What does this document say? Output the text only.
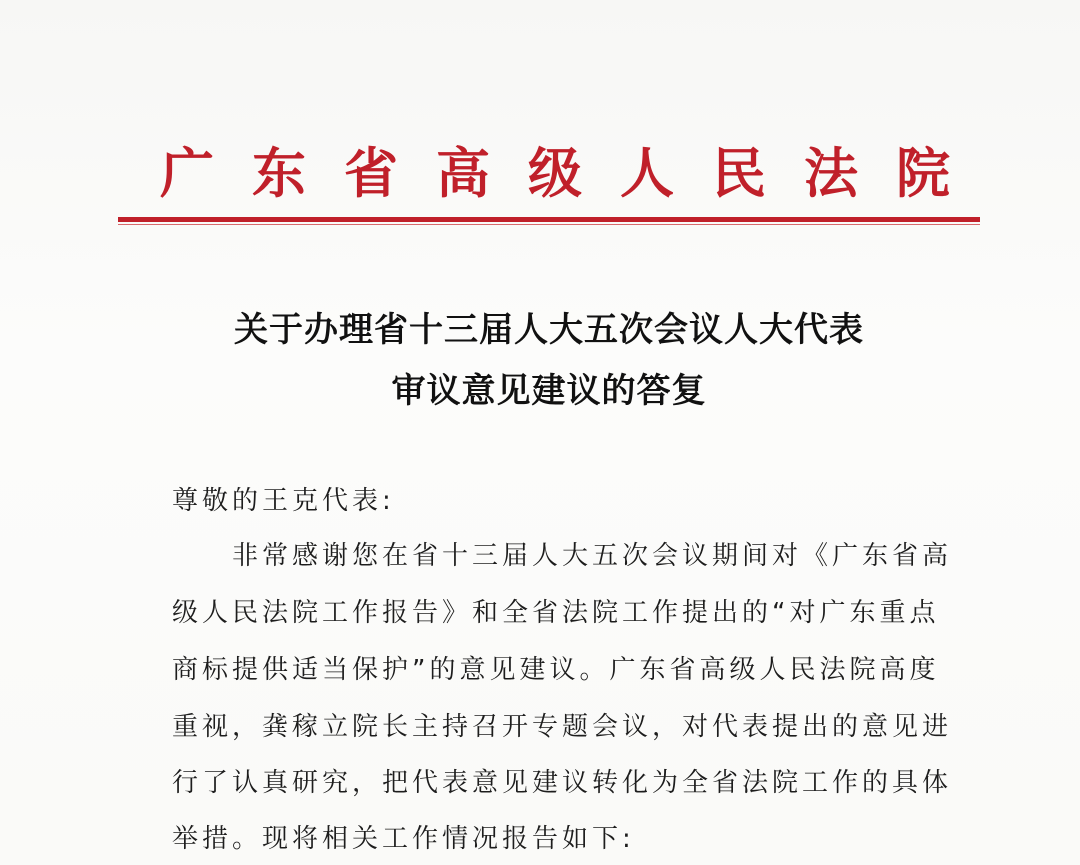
广 东 省 高 级 人 民 法 院
关于办理省十三届人大五次会议人大代表
审议意见建议的答复
尊敬的王克代表:
非常感谢您在省十三届人大五次会议期间对《广东省高
级人民法院工作报告》和全省法院工作提出的“对广东重点
商标提供适当保护”的意见建议。广东省高级人民法院高度
重视，龚稼立院长主持召开专题会议，对代表提出的意见进
行了认真研究，把代表意见建议转化为全省法院工作的具体
举措。现将相关工作情况报告如下:
